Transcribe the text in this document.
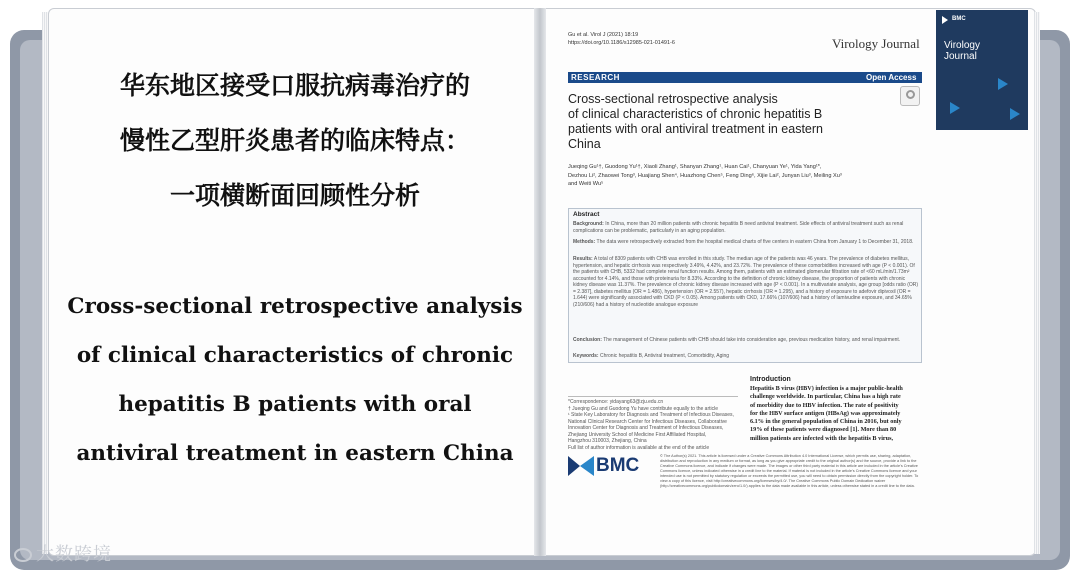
华东地区接受口服抗病毒治疗的
慢性乙型肝炎患者的临床特点：
一项横断面回顾性分析
Cross-sectional retrospective analysis
of clinical characteristics of chronic
hepatitis B patients with oral
antiviral treatment in eastern China
Gu et al. Virol J (2021) 18:19
https://doi.org/10.1186/s12985-021-01491-6	Virology Journal
RESEARCH	Open Access
Cross-sectional retrospective analysis
of clinical characteristics of chronic hepatitis B
patients with oral antiviral treatment in eastern
China
Jueqing Gu¹†, Guodong Yu¹†, Xiaoli Zhang¹, Shanyan Zhang¹, Huan Cai¹, Chanyuan Ye¹, Yida Yang¹*,
Dezhou Li², Zhaowei Tong³, Huajiang Shen⁴, Huazhong Chen⁵, Feng Ding⁶, Xijie Lai², Junyan Liu³, Meiling Xu³
and Weiti Wu⁵
Abstract
Background: In China, more than 20 million patients with chronic hepatitis B need antiviral treatment. Side effects of antiviral treatment such as renal complications can be problematic, particularly in an aging population.
Methods: The data were retrospectively extracted from the hospital medical charts of five centers in eastern China from January 1 to December 31, 2018.
Results: A total of 8309 patients with CHB was enrolled in this study. The median age of the patients was 46 years. The prevalence of diabetes mellitus, hypertension, and hepatic cirrhosis was respectively 3.49%, 4.42%, and 23.72%. The prevalence of these comorbidities increased with age (P < 0.001). Of the patients with CHB, 5332 had complete renal function results. Among them, patients with an estimated glomerular filtration rate of <60 mL/min/1.73m² accounted for 4.14%, and those with proteinuria for 8.33%. According to the definition of chronic kidney disease, the proportion of patients with chronic kidney disease was 11.37%. The prevalence of chronic kidney disease increased with age (P < 0.001). In a multivariate analysis, age group [odds ratio (OR) = 2.387], diabetes mellitus (OR = 1.486), hypertension (OR = 2.557), hepatic cirrhosis (OR = 1.295), and a history of exposure to adefovir dipivoxil (OR = 1.644) were significantly associated with CKD (P < 0.05). Among patients with CKD, 17.66% (107/606) had a history of lamivudine exposure, and 34.65% (210/606) had a history of nucleotide analogue exposure
Conclusion: The management of Chinese patients with CHB should take into consideration age, previous medication history, and renal impairment.
Keywords: Chronic hepatitis B, Antiviral treatment, Comorbidity, Aging
*Correspondence: yidayang63@zju.edu.cn
† Jueqing Gu and Guodong Yu have contribute equally to the article
¹ State Key Laboratory for Diagnosis and Treatment of Infectious Diseases,
National Clinical Research Center for Infectious Diseases, Collaborative
Innovation Center for Diagnosis and Treatment of Infectious Diseases,
Zhejiang University School of Medicine First Affiliated Hospital,
Hangzhou 310003, Zhejiang, China
Full list of author information is available at the end of the article
Introduction
Hepatitis B virus (HBV) infection is a major public-health
challenge worldwide. In particular, China has a high rate
of morbidity due to HBV infection. The rate of positivity
for the HBV surface antigen (HBsAg) was approximately
6.1% in the general population of China in 2016, but only
19% of these patients were diagnosed [1]. More than 80
million patients are infected with the hepatitis B virus,
BMC	© The Author(s) 2021. This article is licensed under a Creative Commons Attribution 4.0 International License, which permits use, sharing, adaptation, distribution and reproduction in any medium or format, as long as you give appropriate credit to the original author(s) and the source, provide a link to the Creative Commons licence, and indicate if changes were made. The images or other third party material in this article are included in the article's Creative Commons licence, unless indicated otherwise in a credit line to the material. If material is not included in the article's Creative Commons licence and your intended use is not permitted by statutory regulation or exceeds the permitted use, you will need to obtain permission directly from the copyright holder. To view a copy of this licence, visit http://creativecommons.org/licenses/by/4.0/. The Creative Commons Public Domain Dedication waiver (http://creativecommons.org/publicdomain/zero/1.0/) applies to the data made available in this article, unless otherwise stated in a credit line to the data.
BMC
Virology
Journal
大数跨境
